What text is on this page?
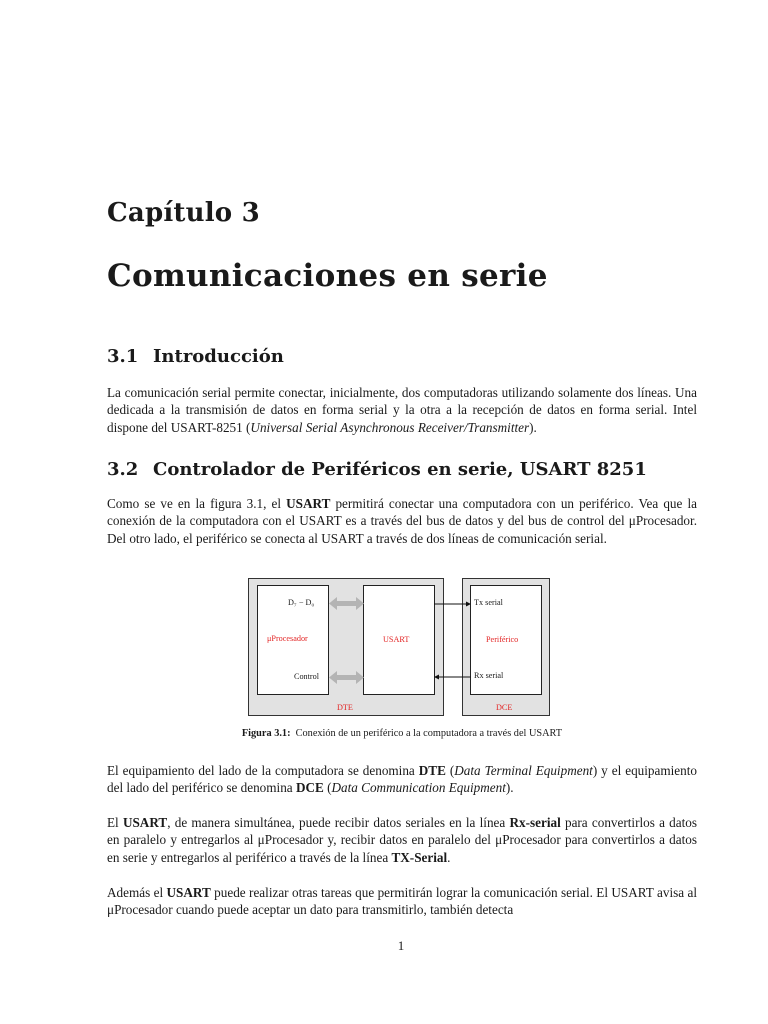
Capítulo 3
Comunicaciones en serie
3.1 Introducción
La comunicación serial permite conectar, inicialmente, dos computadoras utilizando solamente dos líneas. Una dedicada a la transmisión de datos en forma serial y la otra a la recepción de datos en forma serial. Intel dispone del USART-8251 (Universal Serial Asynchronous Receiver/Transmitter).
3.2 Controlador de Periféricos en serie, USART 8251
Como se ve en la figura 3.1, el USART permitirá conectar una computadora con un periférico. Vea que la conexión de la computadora con el USART es a través del bus de datos y del bus de control del μProcesador. Del otro lado, el periférico se conecta al USART a través de dos líneas de comunicación serial.
D₇ − D₀
μProcesador
Control
USART
Tx serial
Periférico
Rx serial
DTE	DCE
Figura 3.1: Conexión de un periférico a la computadora a través del USART
El equipamiento del lado de la computadora se denomina DTE (Data Terminal Equipment) y el equipamiento del lado del periférico se denomina DCE (Data Communication Equipment).
El USART, de manera simultánea, puede recibir datos seriales en la línea Rx-serial para convertirlos a datos en paralelo y entregarlos al μProcesador y, recibir datos en paralelo del μProcesador para convertirlos a datos en serie y entregarlos al periférico a través de la línea TX-Serial.
Además el USART puede realizar otras tareas que permitirán lograr la comunicación serial. El USART avisa al μProcesador cuando puede aceptar un dato para transmitirlo, también detecta
1
